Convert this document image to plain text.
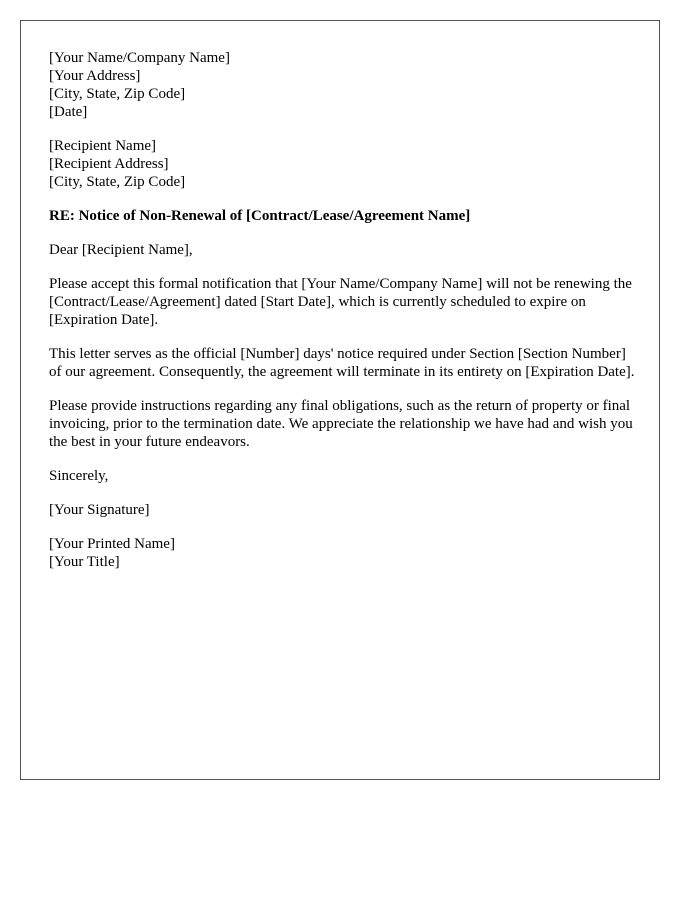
[Your Name/Company Name]
[Your Address]
[City, State, Zip Code]
[Date]
[Recipient Name]
[Recipient Address]
[City, State, Zip Code]
RE: Notice of Non-Renewal of [Contract/Lease/Agreement Name]

Dear [Recipient Name],

Please accept this formal notification that [Your Name/Company Name] will not be renewing the [Contract/Lease/Agreement] dated [Start Date], which is currently scheduled to expire on [Expiration Date].

This letter serves as the official [Number] days' notice required under Section [Section Number] of our agreement. Consequently, the agreement will terminate in its entirety on [Expiration Date].

Please provide instructions regarding any final obligations, such as the return of property or final invoicing, prior to the termination date. We appreciate the relationship we have had and wish you the best in your future endeavors.

Sincerely,

[Your Signature]

[Your Printed Name]
[Your Title]
